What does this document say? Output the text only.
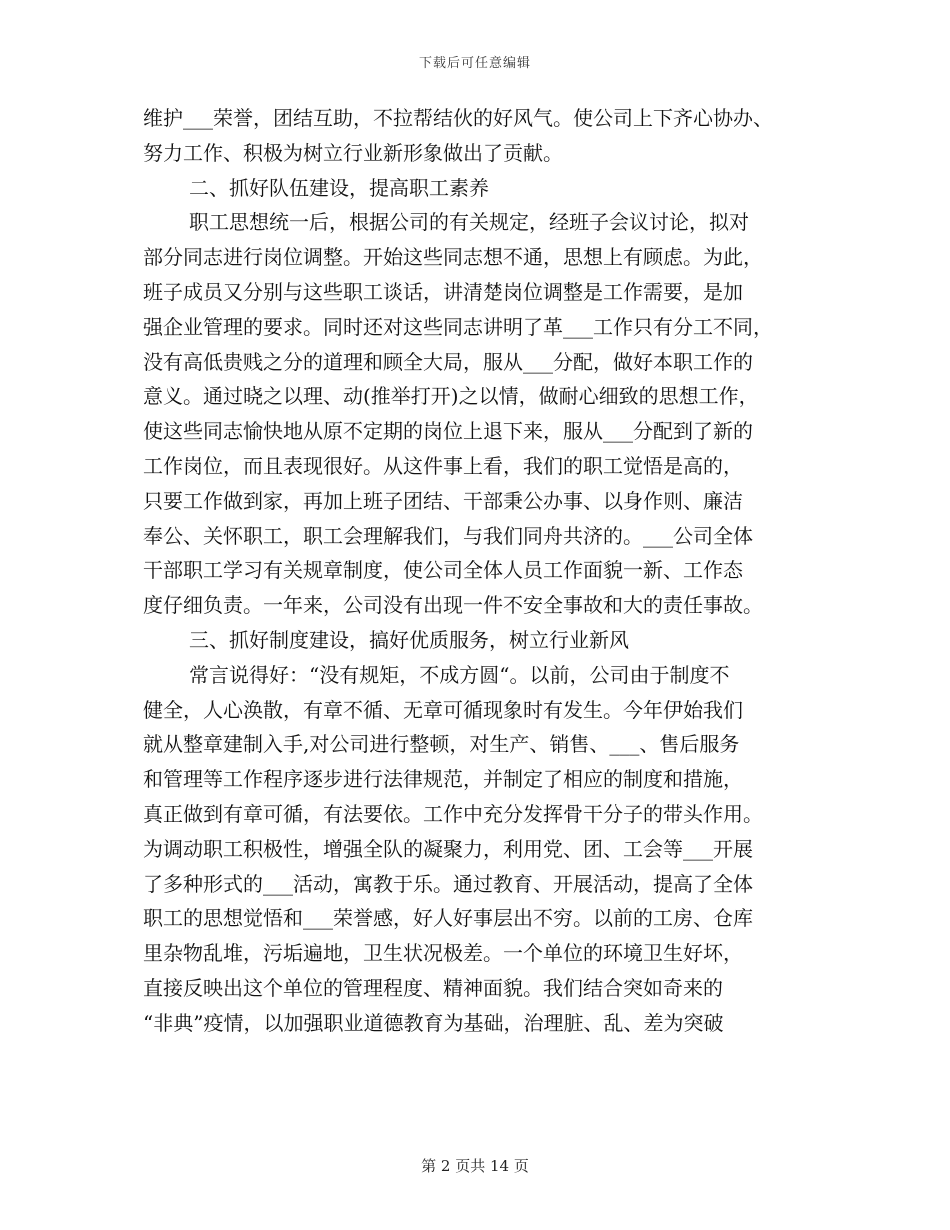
下载后可任意编辑
维护___荣誉，团结互助，不拉帮结伙的好风气。使公司上下齐心协办、
努力工作、积极为树立行业新形象做出了贡献。
二、抓好队伍建设，提高职工素养
职工思想统一后，根据公司的有关规定，经班子会议讨论，拟对
部分同志进行岗位调整。开始这些同志想不通，思想上有顾虑。为此，
班子成员又分别与这些职工谈话，讲清楚岗位调整是工作需要，是加
强企业管理的要求。同时还对这些同志讲明了革___工作只有分工不同，
没有高低贵贱之分的道理和顾全大局，服从___分配，做好本职工作的
意义。通过晓之以理、动(推举打开)之以情，做耐心细致的思想工作，
使这些同志愉快地从原不定期的岗位上退下来，服从___分配到了新的
工作岗位，而且表现很好。从这件事上看，我们的职工觉悟是高的，
只要工作做到家，再加上班子团结、干部秉公办事、以身作则、廉洁
奉公、关怀职工，职工会理解我们，与我们同舟共济的。___公司全体
干部职工学习有关规章制度，使公司全体人员工作面貌一新、工作态
度仔细负责。一年来，公司没有出现一件不安全事故和大的责任事故。
三、抓好制度建设，搞好优质服务，树立行业新风
常言说得好：“没有规矩，不成方圆“。以前，公司由于制度不
健全，人心涣散，有章不循、无章可循现象时有发生。今年伊始我们
就从整章建制入手,对公司进行整顿，对生产、销售、___、售后服务
和管理等工作程序逐步进行法律规范，并制定了相应的制度和措施，
真正做到有章可循，有法要依。工作中充分发挥骨干分子的带头作用。
为调动职工积极性，增强全队的凝聚力，利用党、团、工会等___开展
了多种形式的___活动，寓教于乐。通过教育、开展活动，提高了全体
职工的思想觉悟和___荣誉感，好人好事层出不穷。以前的工房、仓库
里杂物乱堆，污垢遍地，卫生状况极差。一个单位的环境卫生好坏，
直接反映出这个单位的管理程度、精神面貌。我们结合突如奇来的
“非典”疫情，以加强职业道德教育为基础，治理脏、乱、差为突破
第 2 页共 14 页
